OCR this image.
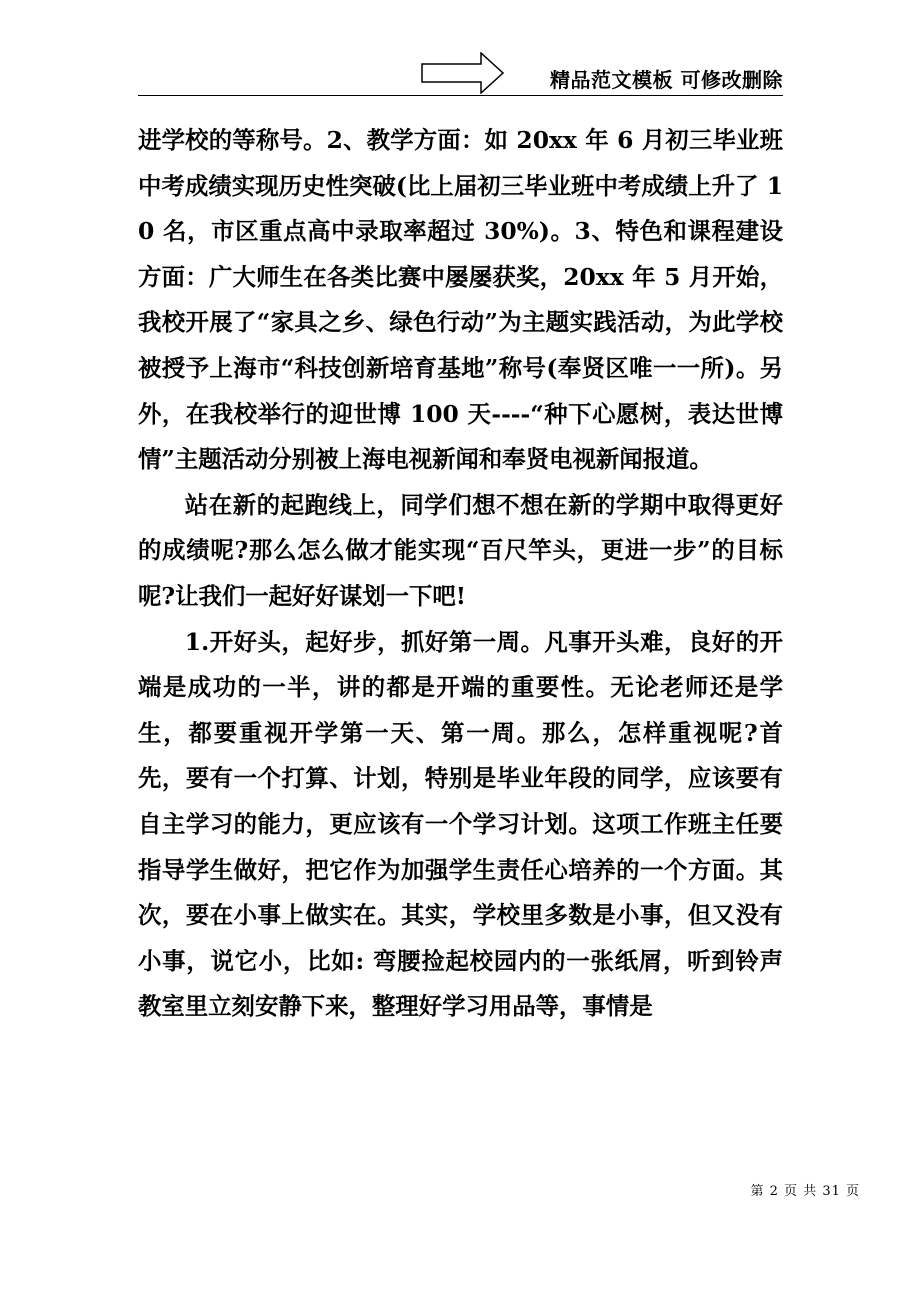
精品范文模板 可修改删除

进学校的等称号。2、教学方面：如 20xx 年 6 月初三毕业班中考成绩实现历史性突破(比上届初三毕业班中考成绩上升了 10 名，市区重点高中录取率超过 30%)。3、特色和课程建设方面：广大师生在各类比赛中屡屡获奖，20xx 年 5 月开始，我校开展了“家具之乡、绿色行动”为主题实践活动，为此学校被授予上海市“科技创新培育基地”称号(奉贤区唯一一所)。另外，在我校举行的迎世博 100 天----“种下心愿树，表达世博情”主题活动分别被上海电视新闻和奉贤电视新闻报道。

站在新的起跑线上，同学们想不想在新的学期中取得更好的成绩呢?那么怎么做才能实现“百尺竿头，更进一步”的目标呢?让我们一起好好谋划一下吧!

1.开好头，起好步，抓好第一周。凡事开头难，良好的开端是成功的一半，讲的都是开端的重要性。无论老师还是学生，都要重视开学第一天、第一周。那么，怎样重视呢?首先，要有一个打算、计划，特别是毕业年段的同学，应该要有自主学习的能力，更应该有一个学习计划。这项工作班主任要指导学生做好，把它作为加强学生责任心培养的一个方面。其次，要在小事上做实在。其实，学校里多数是小事，但又没有小事，说它小，比如: 弯腰捡起校园内的一张纸屑，听到铃声教室里立刻安静下来，整理好学习用品等，事情是

第 2 页 共 31 页
